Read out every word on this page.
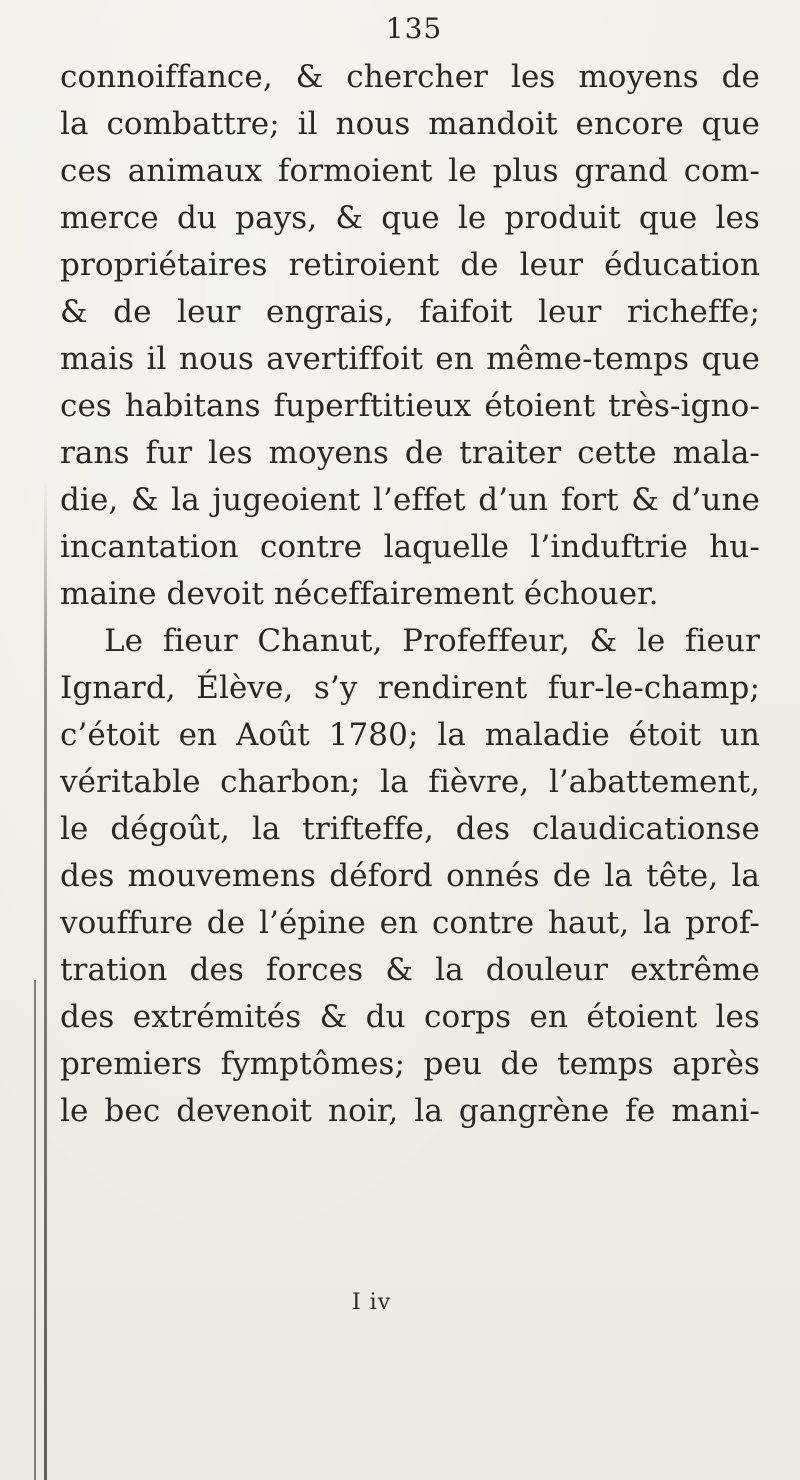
135
connoiffance, & chercher les moyens de
la combattre; il nous mandoit encore que
ces animaux formoient le plus grand com-
merce du pays, & que le produit que les
propriétaires retiroient de leur éducation
& de leur engrais, faifoit leur richeffe;
mais il nous avertiffoit en même-temps que
ces habitans fuperftitieux étoient très-igno-
rans fur les moyens de traiter cette mala-
die, & la jugeoient l’effet d’un fort & d’une
incantation contre laquelle l’induftrie hu-
maine devoit néceffairement échouer.
Le fieur Chanut, Profeffeur, & le fieur
Ignard, Élève, s’y rendirent fur-le-champ;
c’étoit en Août 1780; la maladie étoit un
véritable charbon; la fièvre, l’abattement,
le dégoût, la trifteffe, des claudicationse
des mouvemens déford onnés de la tête, la
vouffure de l’épine en contre haut, la prof-
tration des forces & la douleur extrême
des extrémités & du corps en étoient les
premiers fymptômes; peu de temps après
le bec devenoit noir, la gangrène fe mani-
I iv
